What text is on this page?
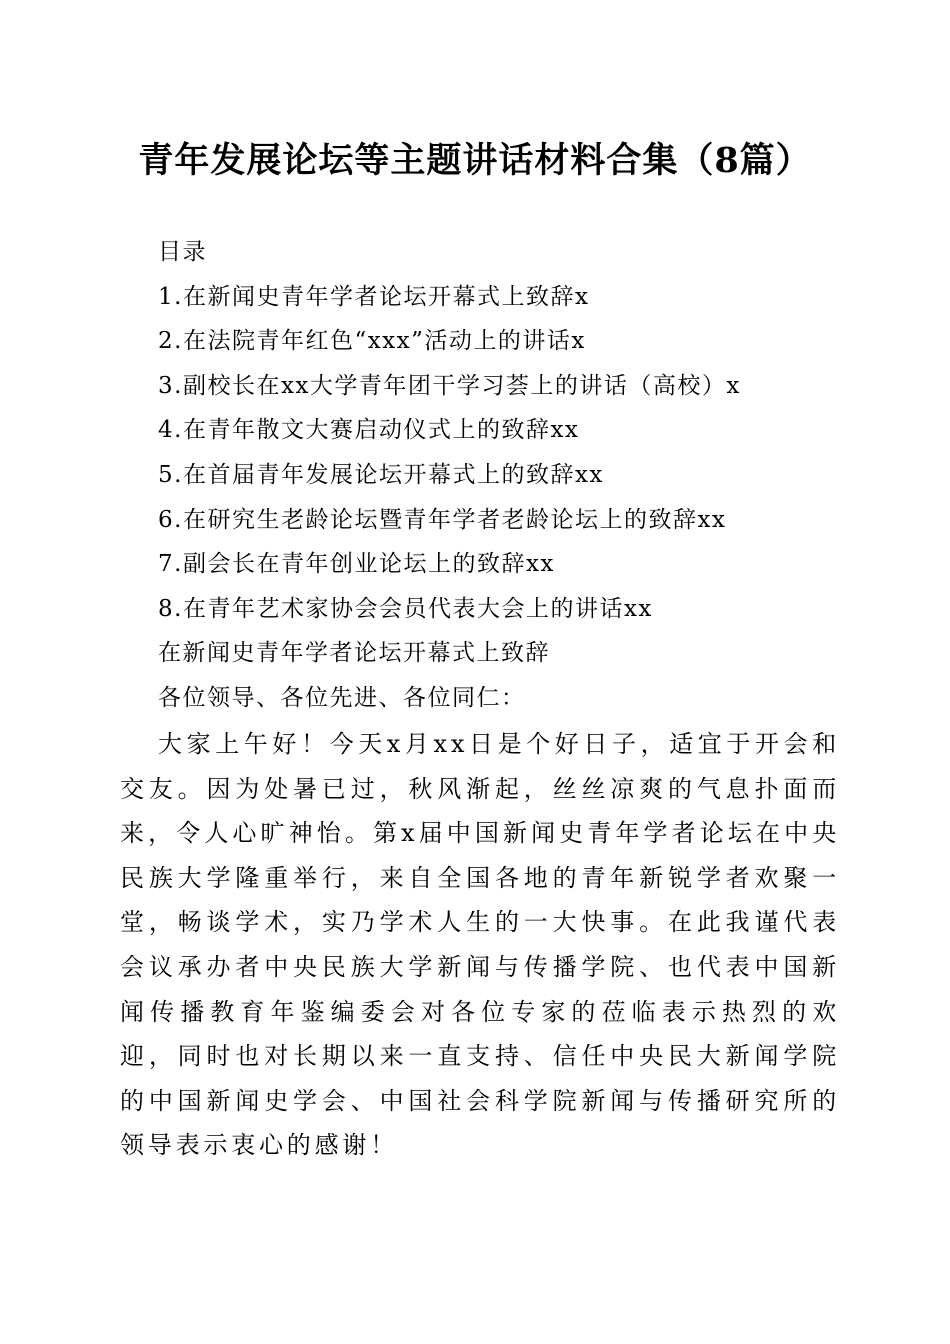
青年发展论坛等主题讲话材料合集（8篇）
目录
1.在新闻史青年学者论坛开幕式上致辞x
2.在法院青年红色“xxx”活动上的讲话x
3.副校长在xx大学青年团干学习荟上的讲话（高校）x
4.在青年散文大赛启动仪式上的致辞xx
5.在首届青年发展论坛开幕式上的致辞xx
6.在研究生老龄论坛暨青年学者老龄论坛上的致辞xx
7.副会长在青年创业论坛上的致辞xx
8.在青年艺术家协会会员代表大会上的讲话xx
在新闻史青年学者论坛开幕式上致辞
各位领导、各位先进、各位同仁：
大家上午好！今天x月xx日是个好日子，适宜于开会和交友。因为处暑已过，秋风渐起，丝丝凉爽的气息扑面而来，令人心旷神怡。第x届中国新闻史青年学者论坛在中央民族大学隆重举行，来自全国各地的青年新锐学者欢聚一堂，畅谈学术，实乃学术人生的一大快事。在此我谨代表会议承办者中央民族大学新闻与传播学院、也代表中国新闻传播教育年鉴编委会对各位专家的莅临表示热烈的欢迎，同时也对长期以来一直支持、信任中央民大新闻学院的中国新闻史学会、中国社会科学院新闻与传播研究所的领导表示衷心的感谢！
